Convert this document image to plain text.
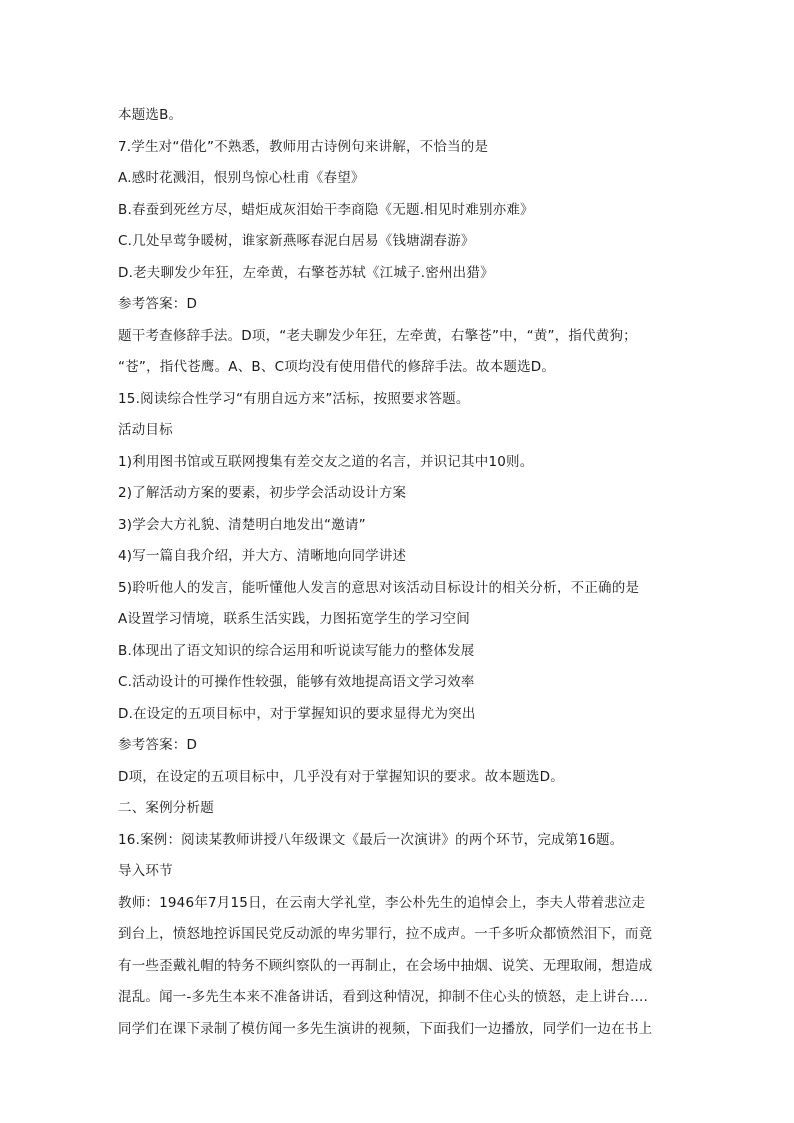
本题选B。
7.学生对“借化”不熟悉，教师用古诗例句来讲解，不恰当的是
A.感时花溅泪，恨别鸟惊心杜甫《春望》
B.春蚕到死丝方尽，蜡炬成灰泪始干李商隐《无题.相见时难别亦难》
C.几处早莺争暖树，谁家新燕啄春泥白居易《钱塘湖春游》
D.老夫聊发少年狂，左牵黄，右擎苍苏轼《江城子.密州出猎》
参考答案：D
题干考查修辞手法。D项，“老夫聊发少年狂，左牵黄，右擎苍”中，“黄”，指代黄狗；
“苍”，指代苍鹰。A、B、C项均没有使用借代的修辞手法。故本题选D。
15.阅读综合性学习“有朋自远方来”活标，按照要求答题。
活动目标
1)利用图书馆或互联网搜集有差交友之道的名言，并识记其中10则。
2)了解活动方案的要素，初步学会活动设计方案
3)学会大方礼貌、清楚明白地发出“邀请”
4)写一篇自我介绍，并大方、清晰地向同学讲述
5)聆听他人的发言，能听懂他人发言的意思对该活动目标设计的相关分析，不正确的是
A设置学习情境，联系生活实践，力图拓宽学生的学习空间
B.体现出了语文知识的综合运用和听说读写能力的整体发展
C.活动设计的可操作性较强，能够有效地提高语文学习效率
D.在设定的五项目标中，对于掌握知识的要求显得尤为突出
参考答案：D
D项，在设定的五项目标中，几乎没有对于掌握知识的要求。故本题选D。
二、案例分析题
16.案例：阅读某教师讲授八年级课文《最后一次演讲》的两个环节，完成第16题。
导入环节
教师：1946年7月15日，在云南大学礼堂，李公朴先生的追悼会上，李夫人带着悲泣走
到台上，愤怒地控诉国民党反动派的卑劣罪行，拉不成声。一千多听众都愤然泪下，而竟
有一些歪戴礼帽的特务不顾纠察队的一再制止，在会场中抽烟、说笑、无理取闹，想造成
混乱。闻一-多先生本来不准备讲话，看到这种情况，抑制不住心头的愤怒，走上讲台....
同学们在课下录制了模仿闻一多先生演讲的视频，下面我们一边播放，同学们一边在书上
